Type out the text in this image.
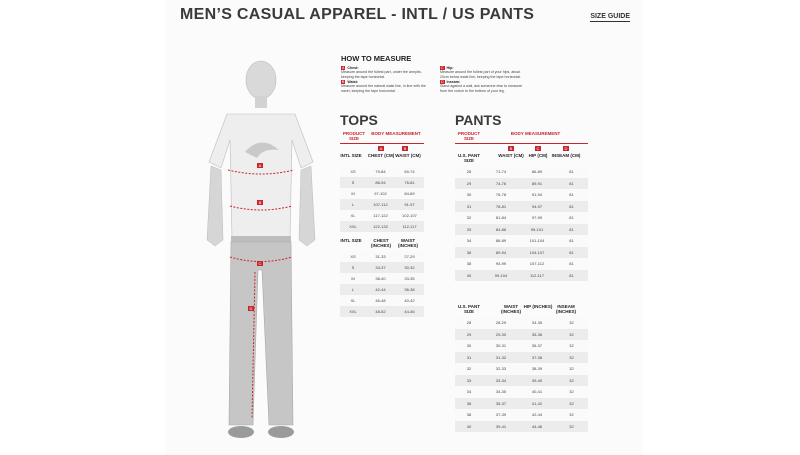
MEN’S CASUAL APPAREL - INTL / US PANTS	SIZE GUIDE
A
B
C
D
HOW TO MEASURE
A Chest:
Measure around the fullest part, under the armpits, keeping the tape horizontal.
B Waist:
Measure around the natural waist line, in line with the navel, keeping the tape horizontal.
C Hip:
Measure around the fullest part of your hips, about 20cm below waist line, keeping the tape horizontal.
D Inseam:
Stand against a wall, ask someone else to measure from the crotch to the bottom of your leg.
TOPS
PRODUCT SIZE
BODY MEASUREMENT
A	B
INTL SIZE	CHEST (CM) WAIST (CM)
XS	79-84	69-74
S	86-94	76-81
M	97-102	84-89
L	107-112	91-97
XL	117-122	102-107
XXL	122-132	112-117
INTL SIZE	CHEST (INCHES)
WAIST (INCHES)
XS	31-33	27-29
S	34-37	30-32
M	38-40	33-35
L	42-44	36-38
XL	46-48	40-42
XXL	48-52	44-46
PANTS
PRODUCT SIZE
BODY MEASUREMENT
B	C	D
U.S. PANT SIZE
WAIST (CM)	HIP (CM) INSEAM (CM)
28	71-74	86-89	81
29	74-76	89-91	81
30	76-78	91-94	81
31	78-81	94-97	81
32	81-84	97-99	81
33	84-86	99-101	81
34	86-89	101-104	81
36	89-94	104-107	81
38	94-99	107-112	81
40	99-104	112-117	81
U.S. PANT SIZE
WAIST (INCHES)
HIP (INCHES)	INSEAM (INCHES)
28	28-29	34-35	32
29	29-30	35-36	32
30	30-31	36-37	32
31	31-32	37-38	32
32	32-33	38-39	32
33	33-34	39-40	32
34	34-35	40-41	32
36	35-37	41-42	32
38	37-39	42-44	32
40	39-41	44-46	32
